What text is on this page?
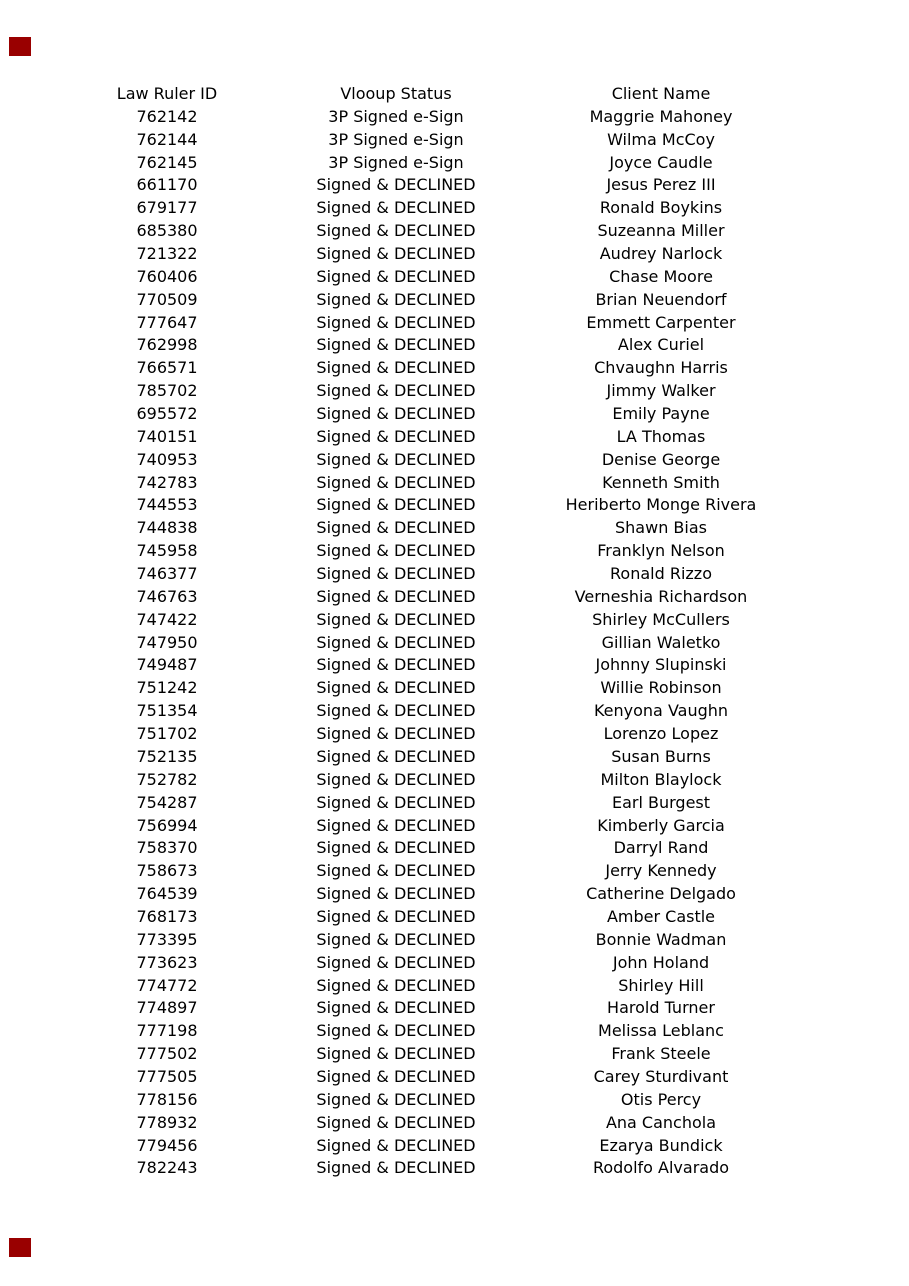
Law Ruler ID	Vlooup Status	Client Name
762142	3P Signed e-Sign	Maggrie Mahoney
762144	3P Signed e-Sign	Wilma McCoy
762145	3P Signed e-Sign	Joyce Caudle
661170	Signed & DECLINED	Jesus Perez III
679177	Signed & DECLINED	Ronald Boykins
685380	Signed & DECLINED	Suzeanna Miller
721322	Signed & DECLINED	Audrey Narlock
760406	Signed & DECLINED	Chase Moore
770509	Signed & DECLINED	Brian Neuendorf
777647	Signed & DECLINED	Emmett Carpenter
762998	Signed & DECLINED	Alex Curiel
766571	Signed & DECLINED	Chvaughn Harris
785702	Signed & DECLINED	Jimmy Walker
695572	Signed & DECLINED	Emily Payne
740151	Signed & DECLINED	LA Thomas
740953	Signed & DECLINED	Denise George
742783	Signed & DECLINED	Kenneth Smith
744553	Signed & DECLINED	Heriberto Monge Rivera
744838	Signed & DECLINED	Shawn Bias
745958	Signed & DECLINED	Franklyn Nelson
746377	Signed & DECLINED	Ronald Rizzo
746763	Signed & DECLINED	Verneshia Richardson
747422	Signed & DECLINED	Shirley McCullers
747950	Signed & DECLINED	Gillian Waletko
749487	Signed & DECLINED	Johnny Slupinski
751242	Signed & DECLINED	Willie Robinson
751354	Signed & DECLINED	Kenyona Vaughn
751702	Signed & DECLINED	Lorenzo Lopez
752135	Signed & DECLINED	Susan Burns
752782	Signed & DECLINED	Milton Blaylock
754287	Signed & DECLINED	Earl Burgest
756994	Signed & DECLINED	Kimberly Garcia
758370	Signed & DECLINED	Darryl Rand
758673	Signed & DECLINED	Jerry Kennedy
764539	Signed & DECLINED	Catherine Delgado
768173	Signed & DECLINED	Amber Castle
773395	Signed & DECLINED	Bonnie Wadman
773623	Signed & DECLINED	John Holand
774772	Signed & DECLINED	Shirley Hill
774897	Signed & DECLINED	Harold Turner
777198	Signed & DECLINED	Melissa Leblanc
777502	Signed & DECLINED	Frank Steele
777505	Signed & DECLINED	Carey Sturdivant
778156	Signed & DECLINED	Otis Percy
778932	Signed & DECLINED	Ana Canchola
779456	Signed & DECLINED	Ezarya Bundick
782243	Signed & DECLINED	Rodolfo Alvarado
